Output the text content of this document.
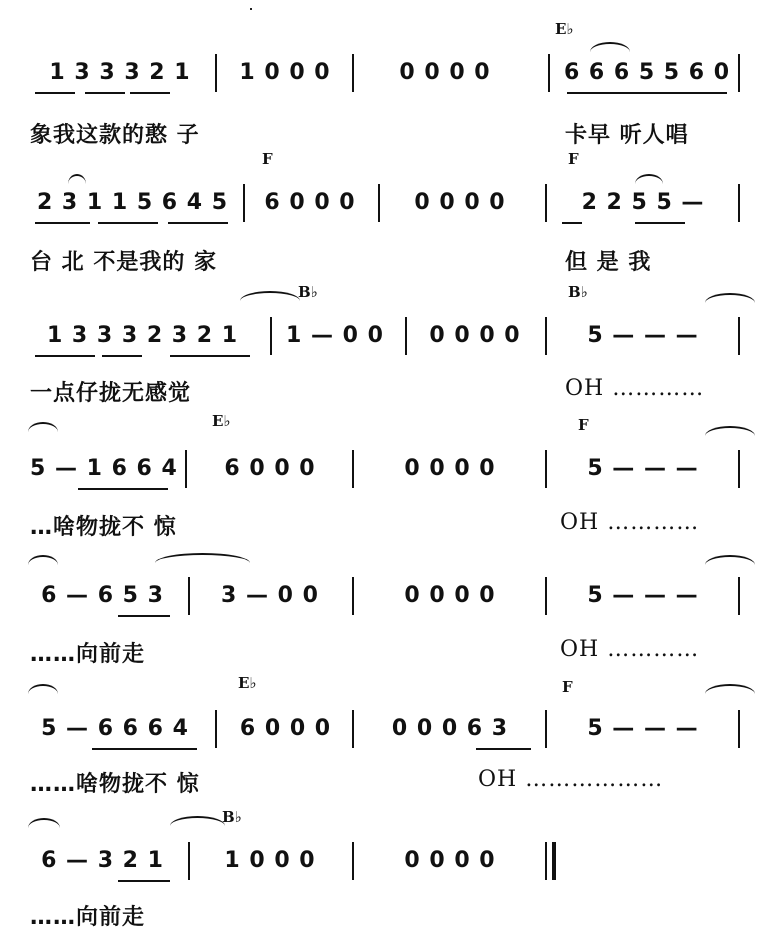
E♭
1 3 3 3 2 1	1 0 0 0	0 0 0 0	6 6 6 5 5 6 0
象我这款的憨 子	卡早 听人唱
F	F
2 3 1 1 5 6 4 5	6 0 0 0	0 0 0 0	2 2 5 5 —
台 北 不是我的 家	但 是 我
B♭	B♭
1 3 3 3 2 3 2 1	1 — 0 0	0 0 0 0	5 — — —
一点仔拢无感觉	OH …………
E♭	F
5 — 1 6 6 4	6 0 0 0	0 0 0 0	5 — — —
…啥物拢不 惊	OH …………
6 — 6 5 3	3 — 0 0	0 0 0 0	5 — — —
……向前走	OH …………
E♭	F
5 — 6 6 6 4	6 0 0 0	0 0 0 6 3	5 — — —
……啥物拢不 惊	OH ………………
B♭
6 — 3 2 1	1 0 0 0	0 0 0 0
……向前走
